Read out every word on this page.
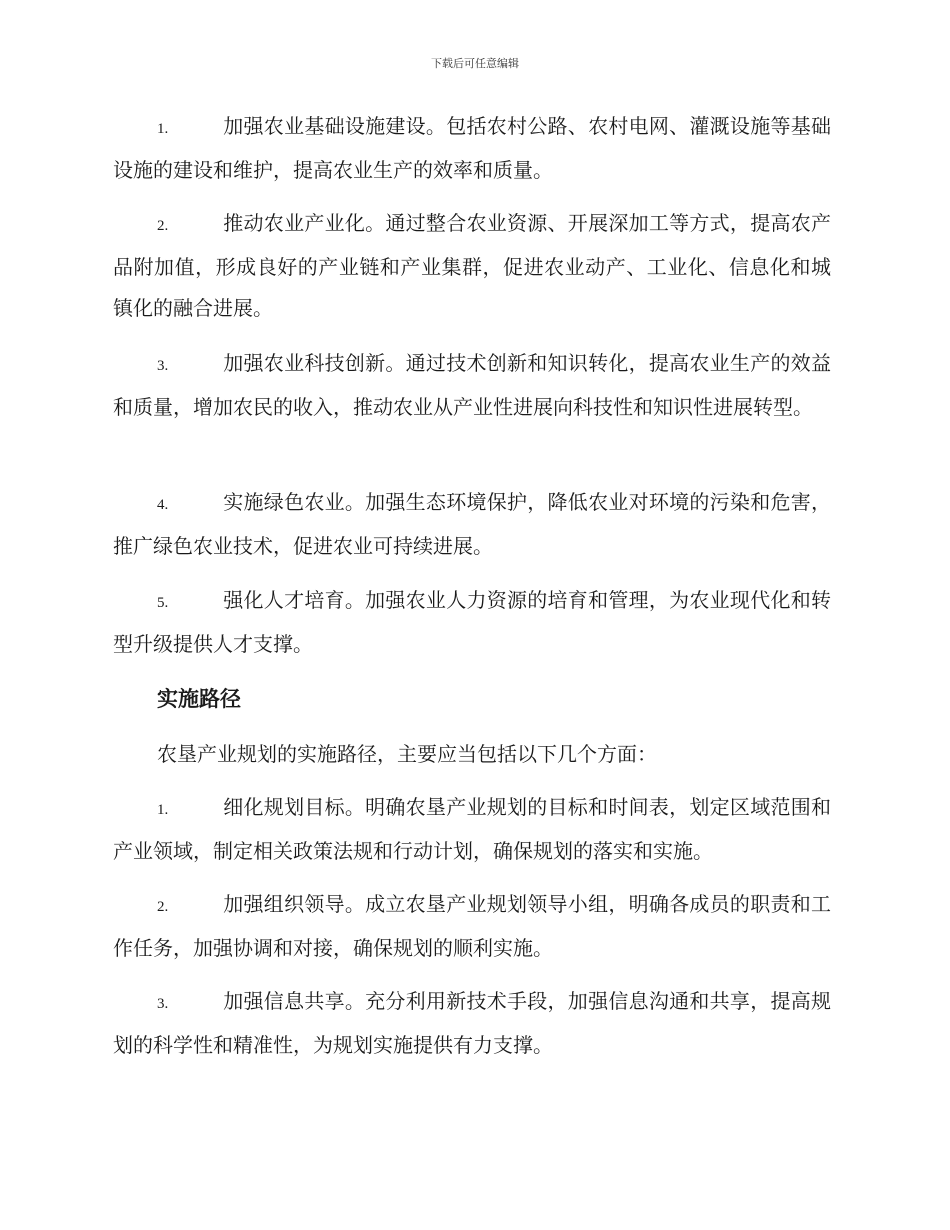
下载后可任意编辑

1.	加强农业基础设施建设。包括农村公路、农村电网、灌溉设施等基础设施的建设和维护，提高农业生产的效率和质量。

2.	推动农业产业化。通过整合农业资源、开展深加工等方式，提高农产品附加值，形成良好的产业链和产业集群，促进农业动产、工业化、信息化和城镇化的融合进展。

3.	加强农业科技创新。通过技术创新和知识转化，提高农业生产的效益和质量，增加农民的收入，推动农业从产业性进展向科技性和知识性进展转型。

4.	实施绿色农业。加强生态环境保护，降低农业对环境的污染和危害，推广绿色农业技术，促进农业可持续进展。

5.	强化人才培育。加强农业人力资源的培育和管理，为农业现代化和转型升级提供人才支撑。

实施路径
农垦产业规划的实施路径，主要应当包括以下几个方面：

1.	细化规划目标。明确农垦产业规划的目标和时间表，划定区域范围和产业领域，制定相关政策法规和行动计划，确保规划的落实和实施。

2.	加强组织领导。成立农垦产业规划领导小组，明确各成员的职责和工作任务，加强协调和对接，确保规划的顺利实施。

3.	加强信息共享。充分利用新技术手段，加强信息沟通和共享，提高规划的科学性和精准性，为规划实施提供有力支撑。
